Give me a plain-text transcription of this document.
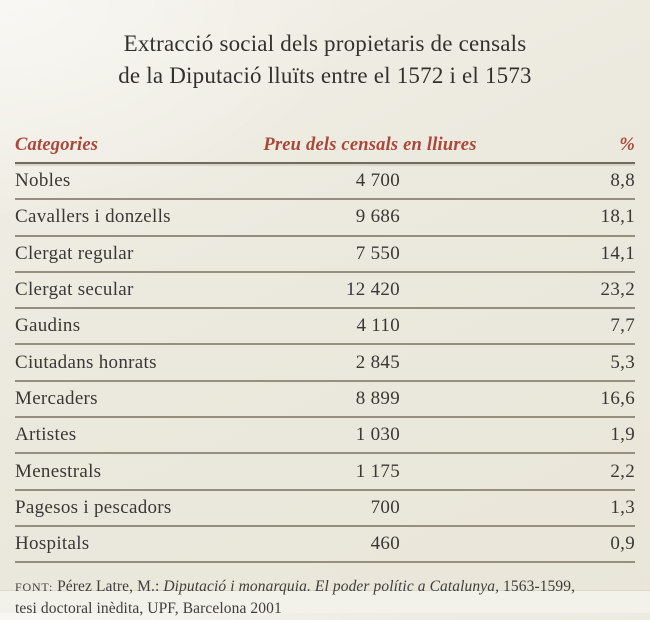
Extracció social dels propietaris de censals
de la Diputació lluïts entre el 1572 i el 1573
Categories	Preu dels censals en lliures	%
Nobles	4 700	8,8
Cavallers i donzells	9 686	18,1
Clergat regular	7 550	14,1
Clergat secular	12 420	23,2
Gaudins	4 110	7,7
Ciutadans honrats	2 845	5,3
Mercaders	8 899	16,6
Artistes	1 030	1,9
Menestrals	1 175	2,2
Pagesos i pescadors	700	1,3
Hospitals	460	0,9
FONT: Pérez Latre, M.: Diputació i monarquia. El poder polític a Catalunya, 1563-1599,
tesi doctoral inèdita, UPF, Barcelona 2001
